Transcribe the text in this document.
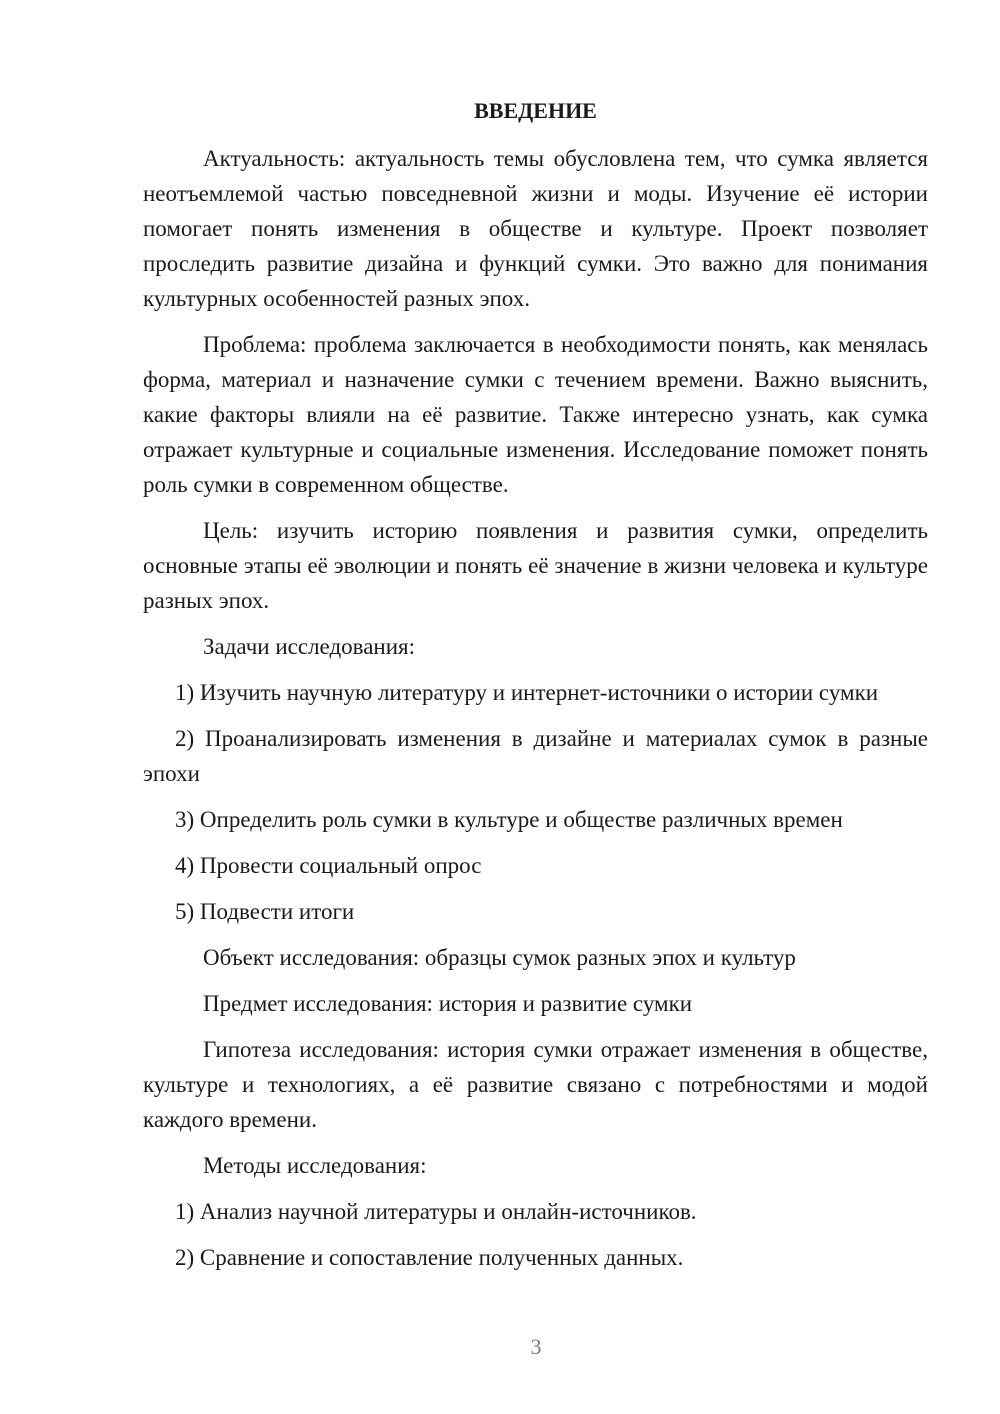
ВВЕДЕНИЕ

Актуальность: актуальность темы обусловлена тем, что сумка является неотъемлемой частью повседневной жизни и моды. Изучение её истории помогает понять изменения в обществе и культуре. Проект позволяет проследить развитие дизайна и функций сумки. Это важно для понимания культурных особенностей разных эпох.

Проблема: проблема заключается в необходимости понять, как менялась форма, материал и назначение сумки с течением времени. Важно выяснить, какие факторы влияли на её развитие. Также интересно узнать, как сумка отражает культурные и социальные изменения. Исследование поможет понять роль сумки в современном обществе.

Цель: изучить историю появления и развития сумки, определить основные этапы её эволюции и понять её значение в жизни человека и культуре разных эпох.

Задачи исследования:

1) Изучить научную литературу и интернет-источники о истории сумки

2) Проанализировать изменения в дизайне и материалах сумок в разные эпохи

3) Определить роль сумки в культуре и обществе различных времен

4) Провести социальный опрос

5) Подвести итоги

Объект исследования: образцы сумок разных эпох и культур

Предмет исследования: история и развитие сумки

Гипотеза исследования: история сумки отражает изменения в обществе, культуре и технологиях, а её развитие связано с потребностями и модой каждого времени.

Методы исследования:

1) Анализ научной литературы и онлайн-источников.

2) Сравнение и сопоставление полученных данных.

3
